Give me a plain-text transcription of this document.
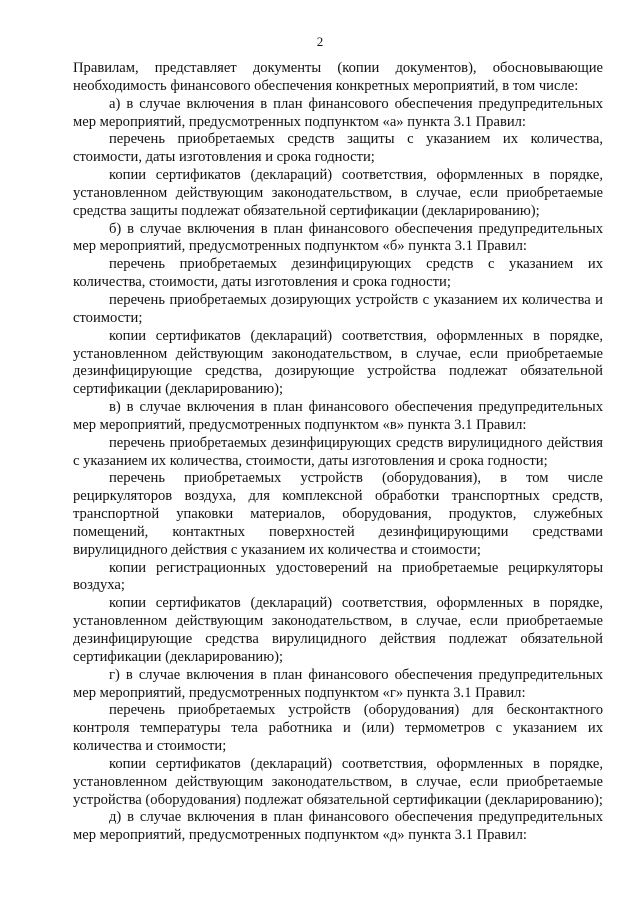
2

Правилам, представляет документы (копии документов), обосновывающие необходимость финансового обеспечения конкретных мероприятий, в том числе:

а) в случае включения в план финансового обеспечения предупредительных мер мероприятий, предусмотренных подпунктом «а» пункта 3.1 Правил:

перечень приобретаемых средств защиты с указанием их количества, стоимости, даты изготовления и срока годности;

копии сертификатов (деклараций) соответствия, оформленных в порядке, установленном действующим законодательством, в случае, если приобретаемые средства защиты подлежат обязательной сертификации (декларированию);

б) в случае включения в план финансового обеспечения предупредительных мер мероприятий, предусмотренных подпунктом «б» пункта 3.1 Правил:

перечень приобретаемых дезинфицирующих средств с указанием их количества, стоимости, даты изготовления и срока годности;

перечень приобретаемых дозирующих устройств с указанием их количества и стоимости;

копии сертификатов (деклараций) соответствия, оформленных в порядке, установленном действующим законодательством, в случае, если приобретаемые дезинфицирующие средства, дозирующие устройства подлежат обязательной сертификации (декларированию);

в) в случае включения в план финансового обеспечения предупредительных мер мероприятий, предусмотренных подпунктом «в» пункта 3.1 Правил:

перечень приобретаемых дезинфицирующих средств вирулицидного действия с указанием их количества, стоимости, даты изготовления и срока годности;

перечень приобретаемых устройств (оборудования), в том числе рециркуляторов воздуха, для комплексной обработки транспортных средств, транспортной упаковки материалов, оборудования, продуктов, служебных помещений, контактных поверхностей дезинфицирующими средствами вирулицидного действия с указанием их количества и стоимости;

копии регистрационных удостоверений на приобретаемые рециркуляторы воздуха;

копии сертификатов (деклараций) соответствия, оформленных в порядке, установленном действующим законодательством, в случае, если приобретаемые дезинфицирующие средства вирулицидного действия подлежат обязательной сертификации (декларированию);

г) в случае включения в план финансового обеспечения предупредительных мер мероприятий, предусмотренных подпунктом «г» пункта 3.1 Правил:

перечень приобретаемых устройств (оборудования) для бесконтактного контроля температуры тела работника и (или) термометров с указанием их количества и стоимости;

копии сертификатов (деклараций) соответствия, оформленных в порядке, установленном действующим законодательством, в случае, если приобретаемые устройства (оборудования) подлежат обязательной сертификации (декларированию);

д) в случае включения в план финансового обеспечения предупредительных мер мероприятий, предусмотренных подпунктом «д» пункта 3.1 Правил:
